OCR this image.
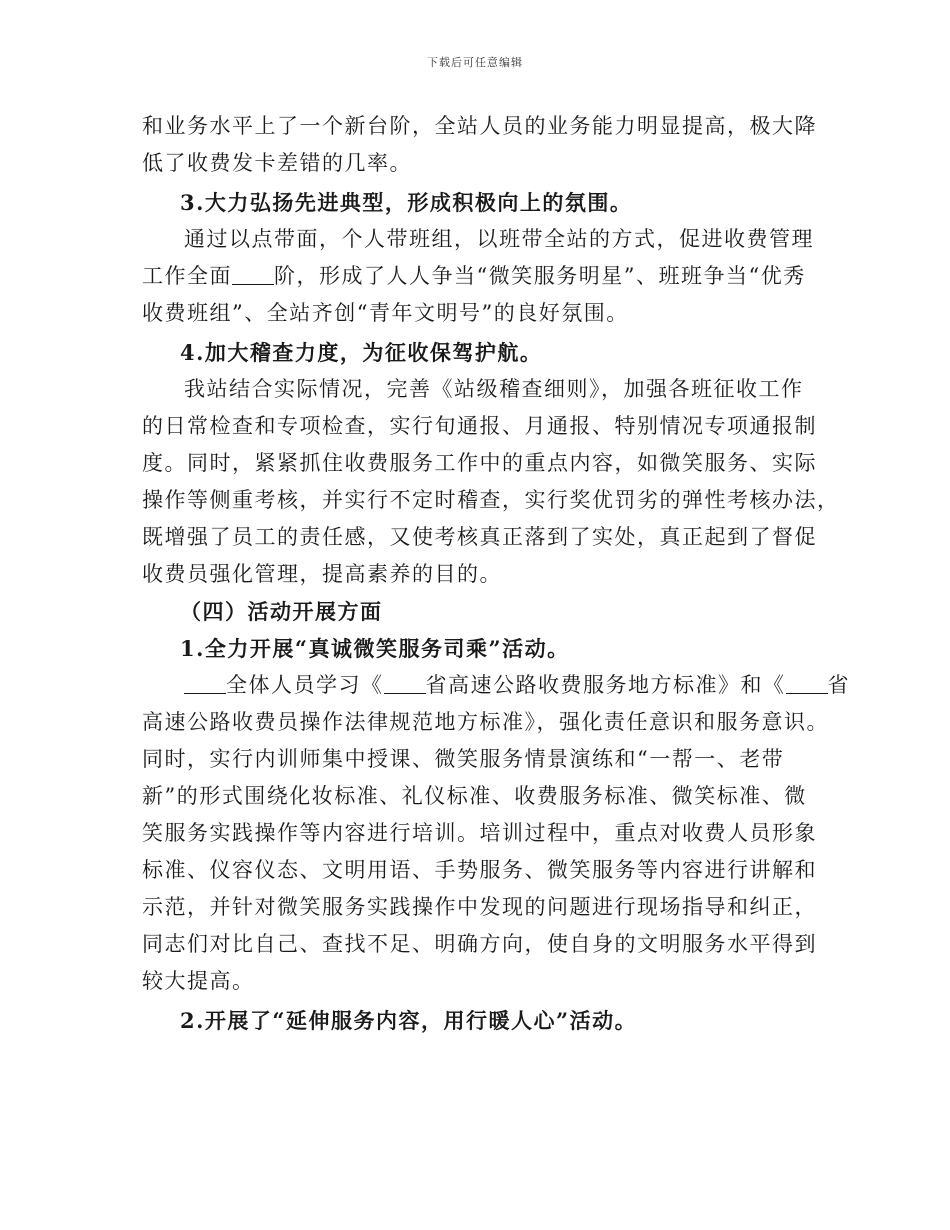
下载后可任意编辑
和业务水平上了一个新台阶，全站人员的业务能力明显提高，极大降
低了收费发卡差错的几率。
3.大力弘扬先进典型，形成积极向上的氛围。
通过以点带面，个人带班组，以班带全站的方式，促进收费管理
工作全面 阶，形成了人人争当“微笑服务明星”、班班争当“优秀
收费班组”、全站齐创“青年文明号”的良好氛围。
4.加大稽查力度，为征收保驾护航。
我站结合实际情况，完善《站级稽查细则》，加强各班征收工作
的日常检查和专项检查，实行旬通报、月通报、特别情况专项通报制
度。同时，紧紧抓住收费服务工作中的重点内容，如微笑服务、实际
操作等侧重考核，并实行不定时稽查，实行奖优罚劣的弹性考核办法，
既增强了员工的责任感，又使考核真正落到了实处，真正起到了督促
收费员强化管理，提高素养的目的。
（四）活动开展方面
1.全力开展“真诚微笑服务司乘”活动。
全体人员学习《 省高速公路收费服务地方标准》和《 省
高速公路收费员操作法律规范地方标准》，强化责任意识和服务意识。
同时，实行内训师集中授课、微笑服务情景演练和“一帮一、老带
新”的形式围绕化妆标准、礼仪标准、收费服务标准、微笑标准、微
笑服务实践操作等内容进行培训。培训过程中，重点对收费人员形象
标准、仪容仪态、文明用语、手势服务、微笑服务等内容进行讲解和
示范，并针对微笑服务实践操作中发现的问题进行现场指导和纠正，
同志们对比自己、查找不足、明确方向，使自身的文明服务水平得到
较大提高。
2.开展了“延伸服务内容，用行暖人心”活动。
